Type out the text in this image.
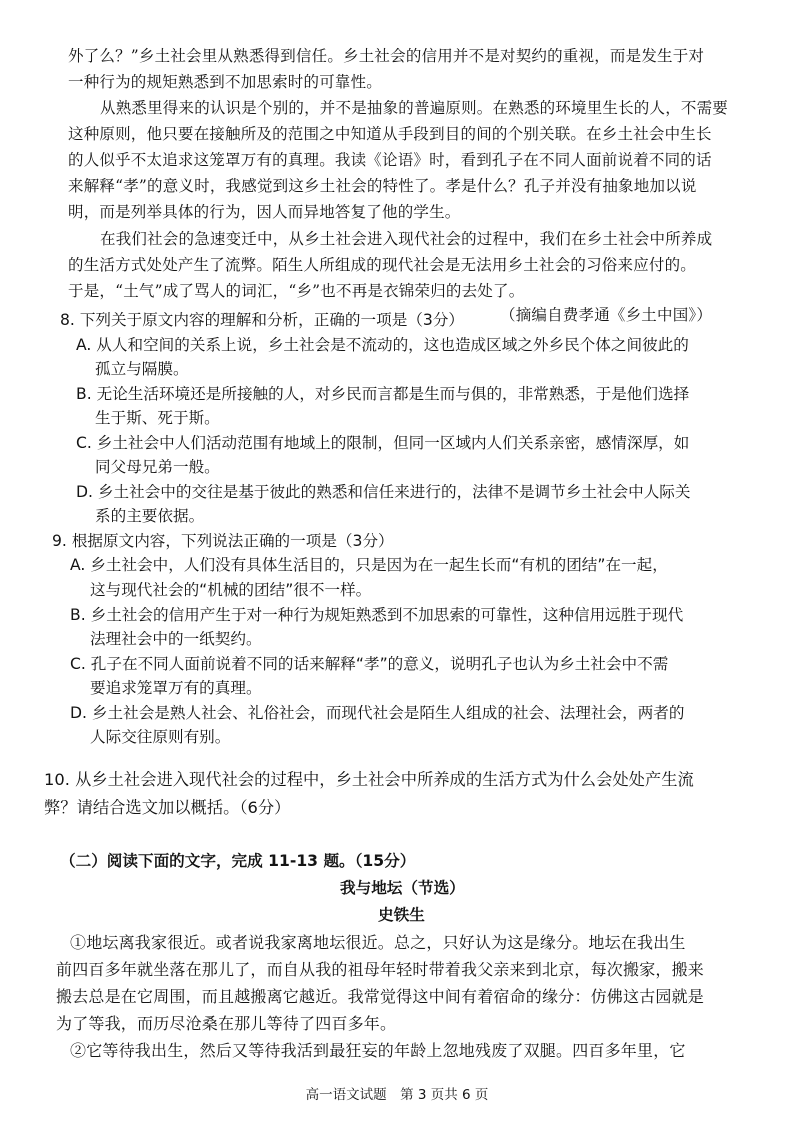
外了么？”乡土社会里从熟悉得到信任。乡土社会的信用并不是对契约的重视，而是发生于对
一种行为的规矩熟悉到不加思索时的可靠性。
从熟悉里得来的认识是个别的，并不是抽象的普遍原则。在熟悉的环境里生长的人，不需要
这种原则，他只要在接触所及的范围之中知道从手段到目的间的个别关联。在乡土社会中生长
的人似乎不太追求这笼罩万有的真理。我读《论语》时，看到孔子在不同人面前说着不同的话
来解释“孝”的意义时，我感觉到这乡土社会的特性了。孝是什么？孔子并没有抽象地加以说
明，而是列举具体的行为，因人而异地答复了他的学生。
在我们社会的急速变迁中，从乡土社会进入现代社会的过程中，我们在乡土社会中所养成
的生活方式处处产生了流弊。陌生人所组成的现代社会是无法用乡土社会的习俗来应付的。
于是，“土气”成了骂人的词汇，“乡”也不再是衣锦荣归的去处了。
（摘编自费孝通《乡土中国》）
8. 下列关于原文内容的理解和分析，正确的一项是（3分）
A. 从人和空间的关系上说，乡土社会是不流动的，这也造成区域之外乡民个体之间彼此的
孤立与隔膜。
B. 无论生活环境还是所接触的人，对乡民而言都是生而与俱的，非常熟悉，于是他们选择
生于斯、死于斯。
C. 乡土社会中人们活动范围有地域上的限制，但同一区域内人们关系亲密，感情深厚，如
同父母兄弟一般。
D. 乡土社会中的交往是基于彼此的熟悉和信任来进行的，法律不是调节乡土社会中人际关
系的主要依据。
9. 根据原文内容，下列说法正确的一项是（3分）
A. 乡土社会中，人们没有具体生活目的，只是因为在一起生长而“有机的团结”在一起，
这与现代社会的“机械的团结”很不一样。
B. 乡土社会的信用产生于对一种行为规矩熟悉到不加思索的可靠性，这种信用远胜于现代
法理社会中的一纸契约。
C. 孔子在不同人面前说着不同的话来解释“孝”的意义，说明孔子也认为乡土社会中不需
要追求笼罩万有的真理。
D. 乡土社会是熟人社会、礼俗社会，而现代社会是陌生人组成的社会、法理社会，两者的
人际交往原则有别。
10. 从乡土社会进入现代社会的过程中，乡土社会中所养成的生活方式为什么会处处产生流
弊？请结合选文加以概括。（6分）
（二）阅读下面的文字，完成 11-13 题。（15分）
我与地坛（节选）
史铁生
①地坛离我家很近。或者说我家离地坛很近。总之，只好认为这是缘分。地坛在我出生
前四百多年就坐落在那儿了，而自从我的祖母年轻时带着我父亲来到北京，每次搬家，搬来
搬去总是在它周围，而且越搬离它越近。我常觉得这中间有着宿命的缘分：仿佛这古园就是
为了等我，而历尽沧桑在那儿等待了四百多年。
②它等待我出生，然后又等待我活到最狂妄的年龄上忽地残废了双腿。四百多年里，它
高一语文试题　第 3 页共 6 页
